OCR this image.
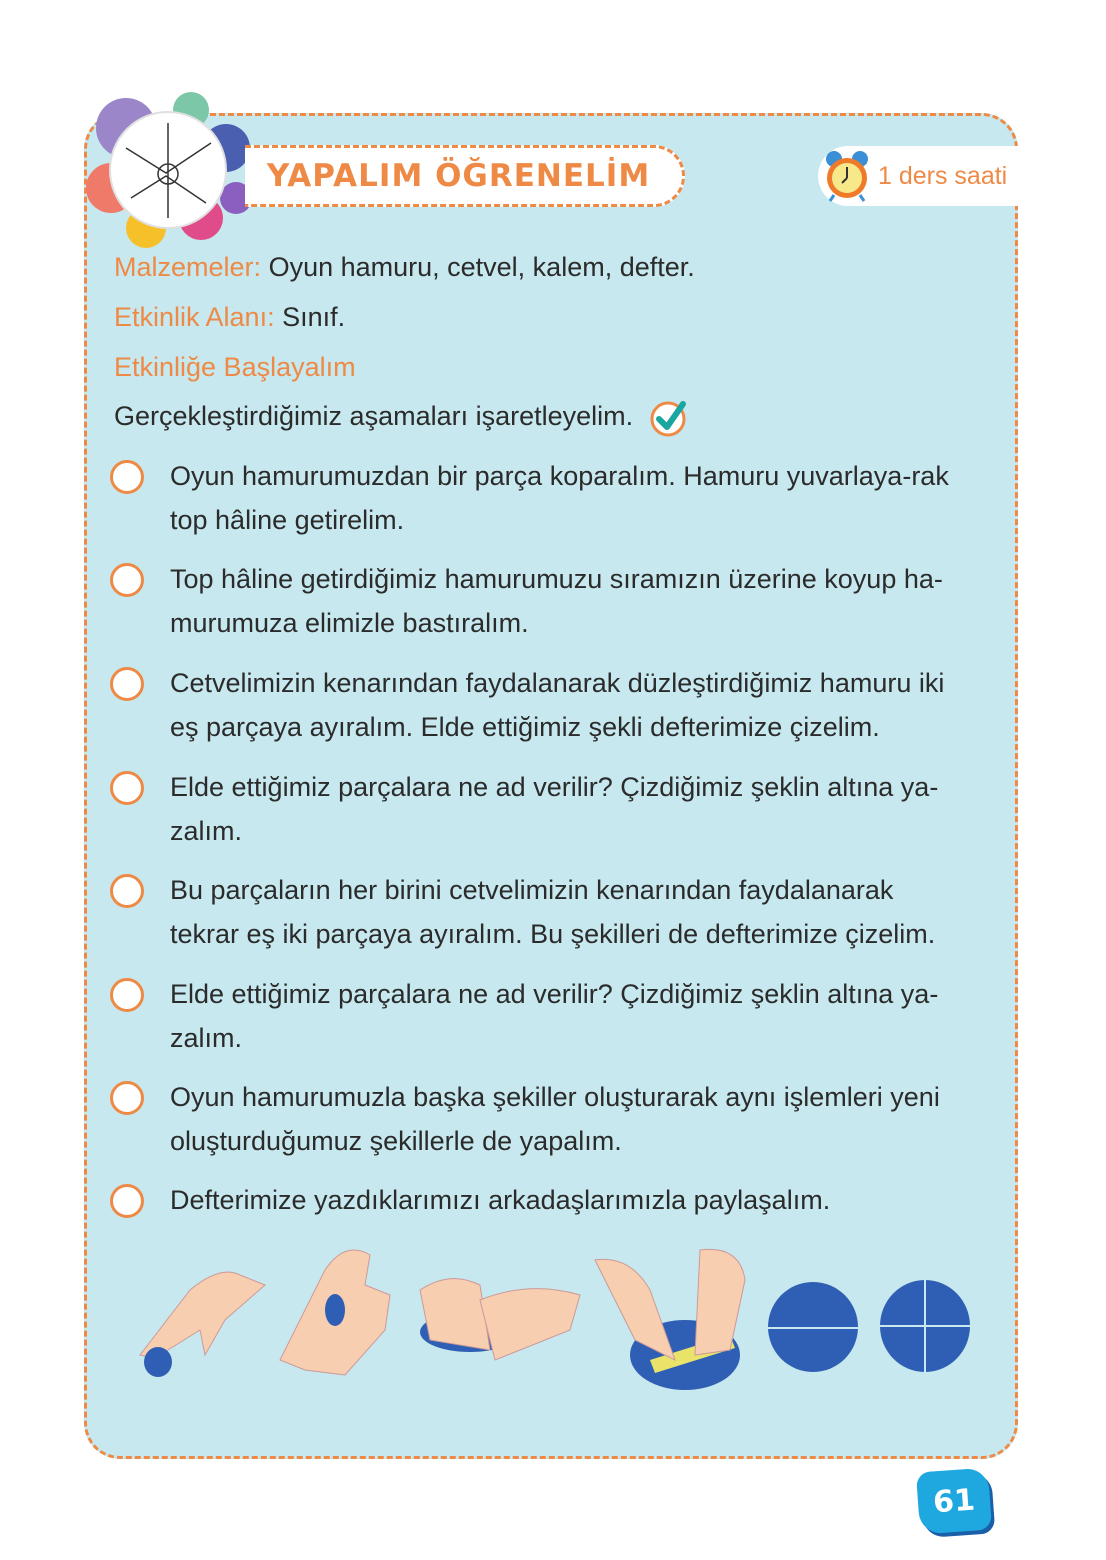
YAPALIM ÖĞRENELİM	1 ders saati
Malzemeler: Oyun hamuru, cetvel, kalem, defter.
Etkinlik Alanı: Sınıf.
Etkinliğe Başlayalım
Gerçekleştirdiğimiz aşamaları işaretleyelim.
Oyun hamurumuzdan bir parça koparalım. Hamuru yuvarlaya-rak top hâline getirelim.
Top hâline getirdiğimiz hamurumuzu sıramızın üzerine koyup ha-murumuza elimizle bastıralım.
Cetvelimizin kenarından faydalanarak düzleştirdiğimiz hamuru iki eş parçaya ayıralım. Elde ettiğimiz şekli defterimize çizelim.
Elde ettiğimiz parçalara ne ad verilir? Çizdiğimiz şeklin altına ya-zalım.
Bu parçaların her birini cetvelimizin kenarından faydalanarak tekrar eş iki parçaya ayıralım. Bu şekilleri de defterimize çizelim.
Elde ettiğimiz parçalara ne ad verilir? Çizdiğimiz şeklin altına ya-zalım.
Oyun hamurumuzla başka şekiller oluşturarak aynı işlemleri yeni oluşturduğumuz şekillerle de yapalım.
Defterimize yazdıklarımızı arkadaşlarımızla paylaşalım.
61
